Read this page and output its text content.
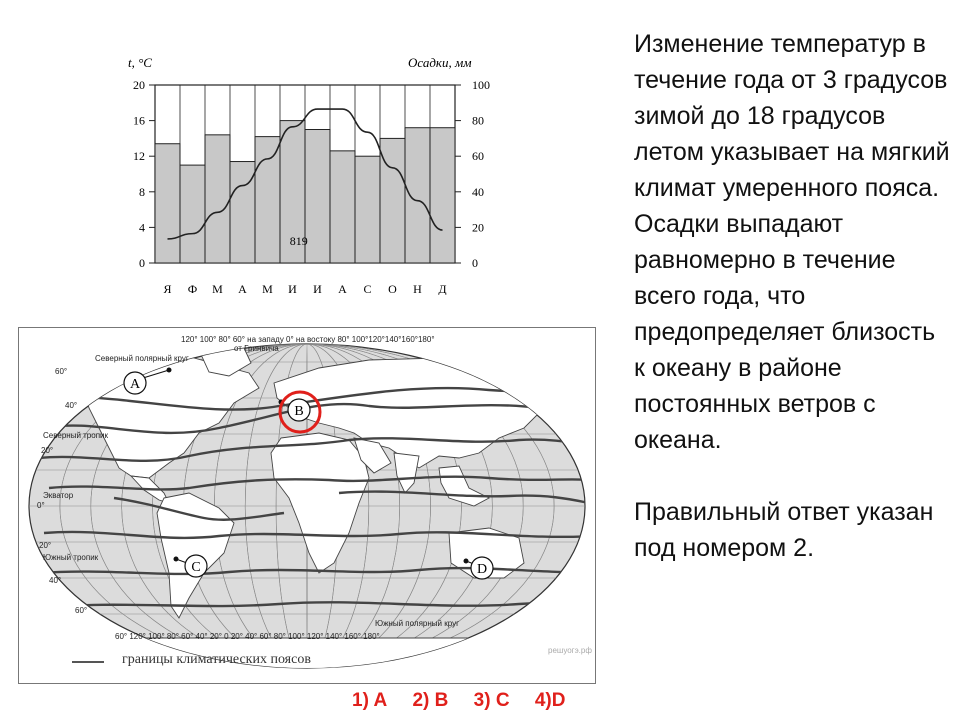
t, °C	Осадки, мм
0
4
8
12
16
20
0
20
40
60
80
100
Я Ф М А М И И А С О Н Д
819
120° 100° 80° 60° на западу 0° на востоку 80° 100°120°140°160°180°
от Гринвича
Северный полярный круг
Северный тропик
Экватор
Южный тропик
Южный полярный круг
60°
40°
20°
0°
20°
40°
60°
60° 120° 100° 80° 60° 40° 20° 0 20° 40° 60° 80° 100° 120° 140° 160° 180°
A
B
C	D
границы климатических поясов
решуогэ.рф
1) A 2) B 3) C 4)D
Изменение температур в течение года от 3 градусов зимой до 18 градусов летом указывает на мягкий климат умеренного пояса. Осадки выпадают равномерно в течение всего года, что предопределяет близость к океану в районе постоянных ветров с океана.

Правильный ответ указан под номером 2.
